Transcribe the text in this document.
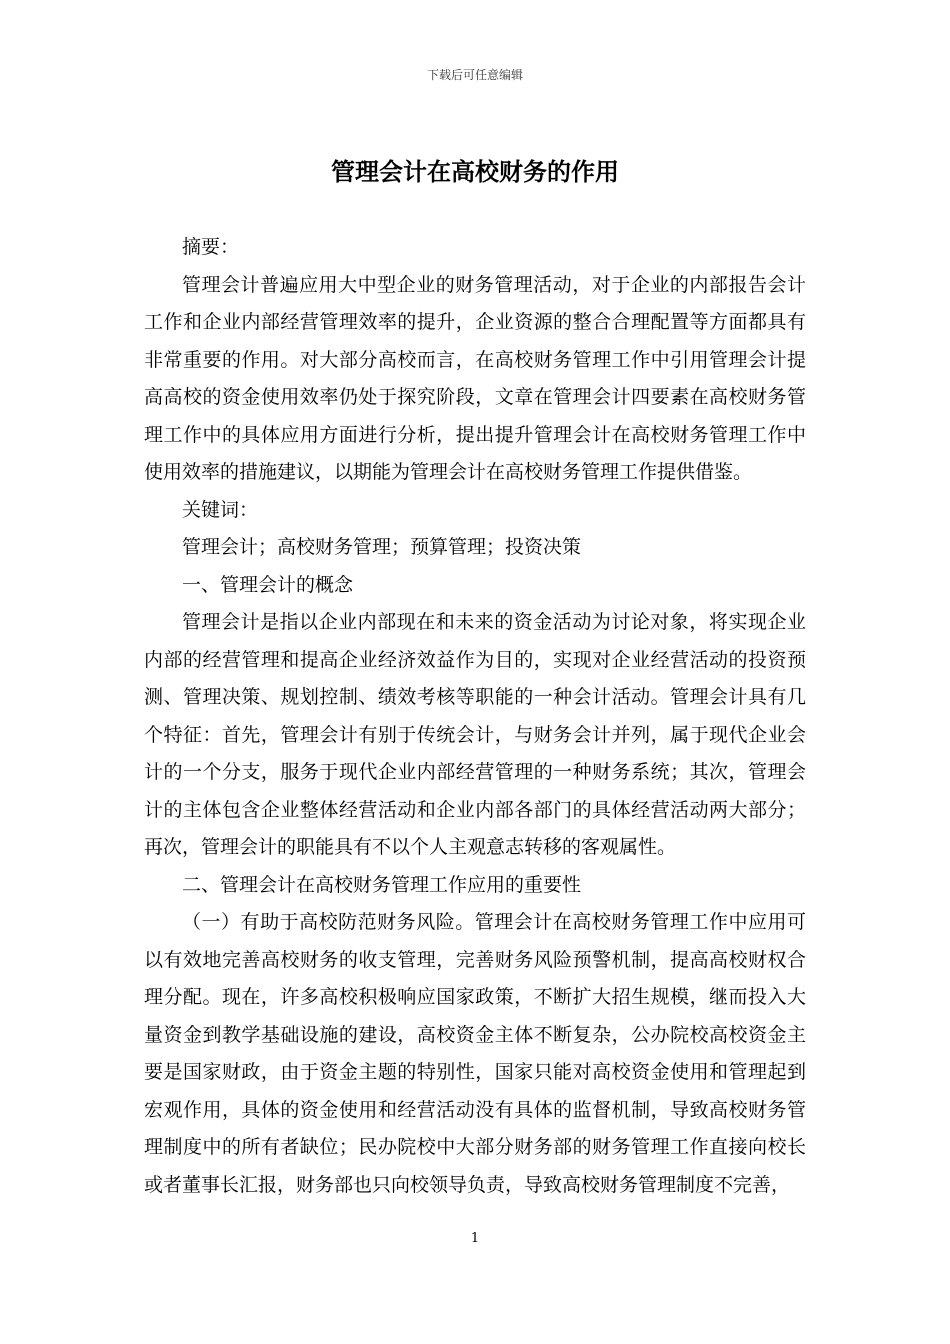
下载后可任意编辑
管理会计在高校财务的作用

摘要：

管理会计普遍应用大中型企业的财务管理活动，对于企业的内部报告会计工作和企业内部经营管理效率的提升，企业资源的整合合理配置等方面都具有非常重要的作用。对大部分高校而言，在高校财务管理工作中引用管理会计提高高校的资金使用效率仍处于探究阶段，文章在管理会计四要素在高校财务管理工作中的具体应用方面进行分析，提出提升管理会计在高校财务管理工作中使用效率的措施建议，以期能为管理会计在高校财务管理工作提供借鉴。

关键词：

管理会计；高校财务管理；预算管理；投资决策

一、管理会计的概念

管理会计是指以企业内部现在和未来的资金活动为讨论对象，将实现企业内部的经营管理和提高企业经济效益作为目的，实现对企业经营活动的投资预测、管理决策、规划控制、绩效考核等职能的一种会计活动。管理会计具有几个特征：首先，管理会计有别于传统会计，与财务会计并列，属于现代企业会计的一个分支，服务于现代企业内部经营管理的一种财务系统；其次，管理会计的主体包含企业整体经营活动和企业内部各部门的具体经营活动两大部分；再次，管理会计的职能具有不以个人主观意志转移的客观属性。

二、管理会计在高校财务管理工作应用的重要性

（一）有助于高校防范财务风险。管理会计在高校财务管理工作中应用可以有效地完善高校财务的收支管理，完善财务风险预警机制，提高高校财权合理分配。现在，许多高校积极响应国家政策，不断扩大招生规模，继而投入大量资金到教学基础设施的建设，高校资金主体不断复杂，公办院校高校资金主要是国家财政，由于资金主题的特别性，国家只能对高校资金使用和管理起到宏观作用，具体的资金使用和经营活动没有具体的监督机制，导致高校财务管理制度中的所有者缺位；民办院校中大部分财务部的财务管理工作直接向校长或者董事长汇报，财务部也只向校领导负责，导致高校财务管理制度不完善，

1
